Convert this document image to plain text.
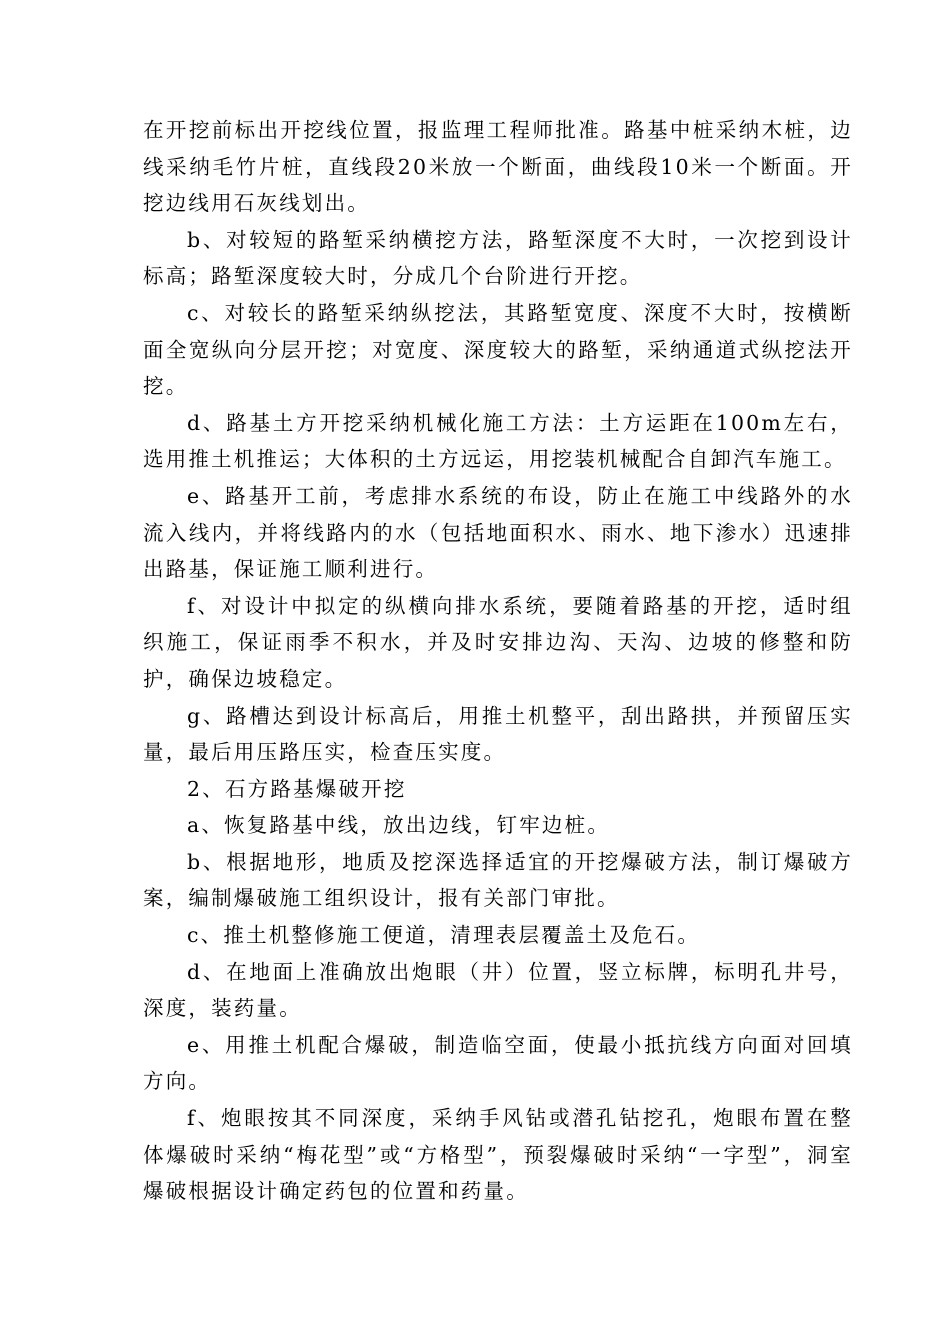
在开挖前标出开挖线位置，报监理工程师批准。路基中桩采纳木桩，边线采纳毛竹片桩，直线段20米放一个断面，曲线段10米一个断面。开挖边线用石灰线划出。

b、对较短的路堑采纳横挖方法，路堑深度不大时，一次挖到设计标高；路堑深度较大时，分成几个台阶进行开挖。

c、对较长的路堑采纳纵挖法，其路堑宽度、深度不大时，按横断面全宽纵向分层开挖；对宽度、深度较大的路堑，采纳通道式纵挖法开挖。

d、路基土方开挖采纳机械化施工方法：土方运距在100m左右，选用推土机推运；大体积的土方远运，用挖装机械配合自卸汽车施工。

e、路基开工前，考虑排水系统的布设，防止在施工中线路外的水流入线内，并将线路内的水（包括地面积水、雨水、地下渗水）迅速排出路基，保证施工顺利进行。

f、对设计中拟定的纵横向排水系统，要随着路基的开挖，适时组织施工，保证雨季不积水，并及时安排边沟、天沟、边坡的修整和防护，确保边坡稳定。

g、路槽达到设计标高后，用推土机整平，刮出路拱，并预留压实量，最后用压路压实，检查压实度。

2、石方路基爆破开挖

a、恢复路基中线，放出边线，钉牢边桩。

b、根据地形，地质及挖深选择适宜的开挖爆破方法，制订爆破方案，编制爆破施工组织设计，报有关部门审批。

c、推土机整修施工便道，清理表层覆盖土及危石。

d、在地面上准确放出炮眼（井）位置，竖立标牌，标明孔井号，深度，装药量。

e、用推土机配合爆破，制造临空面，使最小抵抗线方向面对回填方向。

f、炮眼按其不同深度，采纳手风钻或潜孔钻挖孔，炮眼布置在整体爆破时采纳“梅花型”或“方格型”，预裂爆破时采纳“一字型”，洞室爆破根据设计确定药包的位置和药量。
